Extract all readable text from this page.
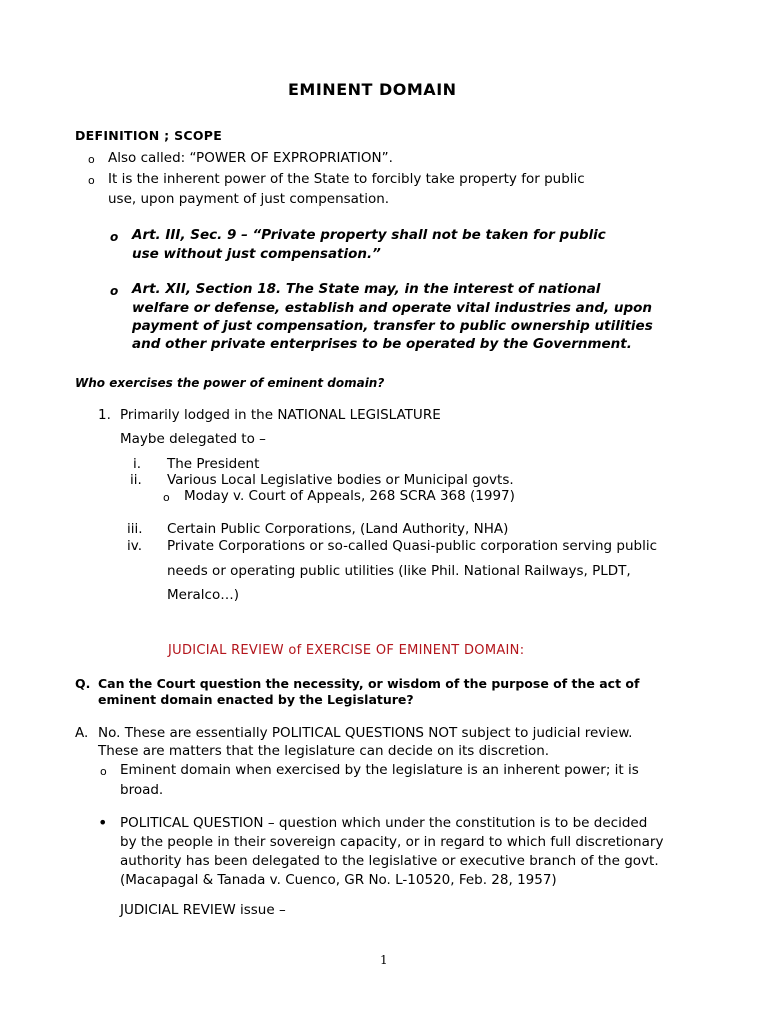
EMINENT DOMAIN
DEFINITION ; SCOPE
o Also called: “POWER OF EXPROPRIATION”.
o It is the inherent power of the State to forcibly take property for public
use, upon payment of just compensation.
o Art. III, Sec. 9 – “Private property shall not be taken for public
use without just compensation.”
o Art. XII, Section 18. The State may, in the interest of national
welfare or defense, establish and operate vital industries and, upon
payment of just compensation, transfer to public ownership utilities
and other private enterprises to be operated by the Government.
Who exercises the power of eminent domain?
1. Primarily lodged in the NATIONAL LEGISLATURE
Maybe delegated to –
i. The President
ii. Various Local Legislative bodies or Municipal govts.
o Moday v. Court of Appeals, 268 SCRA 368 (1997)
iii. Certain Public Corporations, (Land Authority, NHA)
iv. Private Corporations or so-called Quasi-public corporation serving public
needs or operating public utilities (like Phil. National Railways, PLDT,
Meralco…)
JUDICIAL REVIEW of EXERCISE OF EMINENT DOMAIN:
Q. Can the Court question the necessity, or wisdom of the purpose of the act of
eminent domain enacted by the Legislature?
A. No. These are essentially POLITICAL QUESTIONS NOT subject to judicial review.
These are matters that the legislature can decide on its discretion.
o Eminent domain when exercised by the legislature is an inherent power; it is
broad.
• POLITICAL QUESTION – question which under the constitution is to be decided
by the people in their sovereign capacity, or in regard to which full discretionary
authority has been delegated to the legislative or executive branch of the govt.
(Macapagal & Tanada v. Cuenco, GR No. L-10520, Feb. 28, 1957)
JUDICIAL REVIEW issue –
1
